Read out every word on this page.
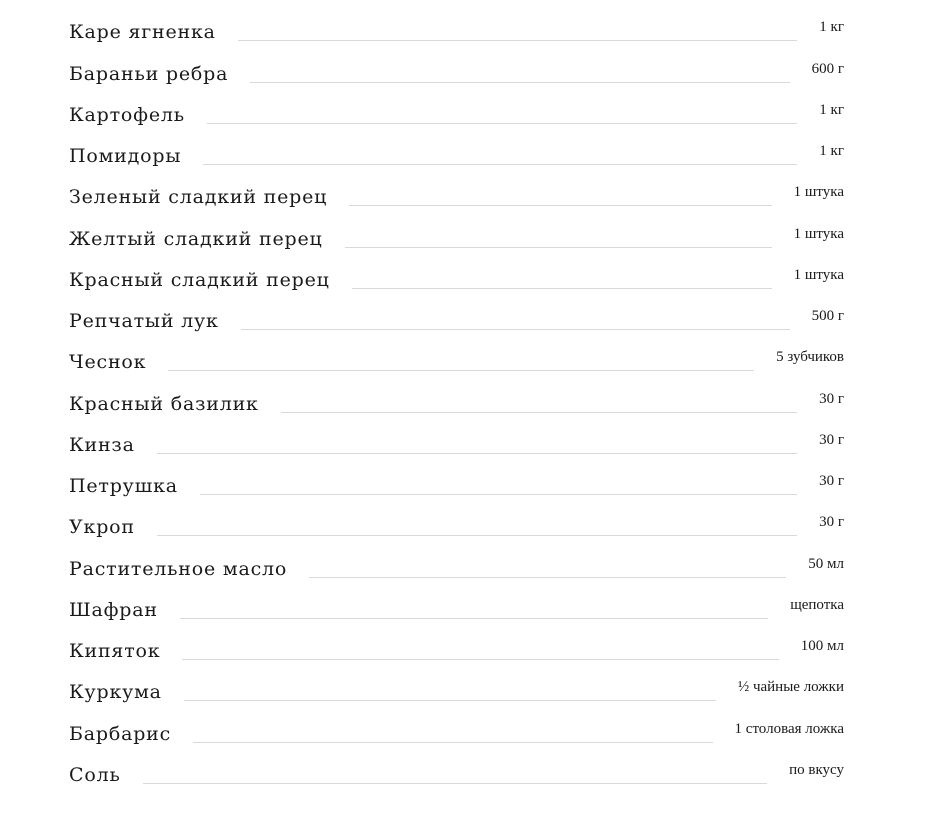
Каре ягненка	1 кг
Бараньи ребра	600 г
Картофель	1 кг
Помидоры	1 кг
Зеленый сладкий перец	1 штука
Желтый сладкий перец	1 штука
Красный сладкий перец	1 штука
Репчатый лук	500 г
Чеснок	5 зубчиков
Красный базилик	30 г
Кинза	30 г
Петрушка	30 г
Укроп	30 г
Растительное масло	50 мл
Шафран	щепотка
Кипяток	100 мл
Куркума	½ чайные ложки
Барбарис	1 столовая ложка
Соль	по вкусу
